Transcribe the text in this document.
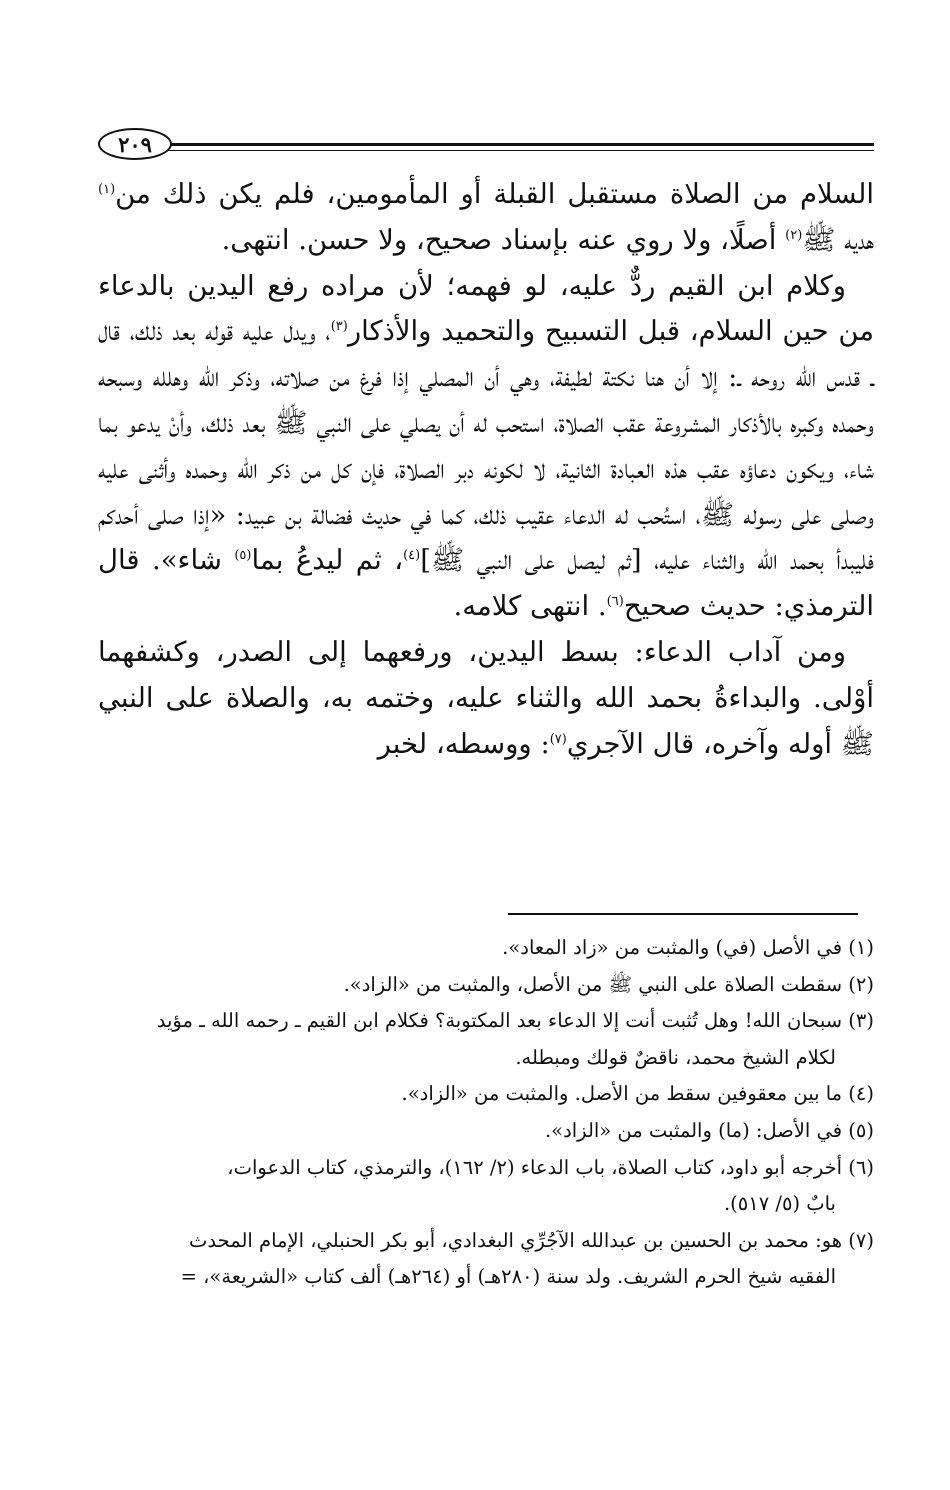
٢٠٩

السلام من الصلاة مستقبل القبلة أو المأمومين، فلم يكن ذلك من$^{(١)}$ هديه ﷺ$^{(٢)}$ أصلًا، ولا روي عنه بإسناد صحيح، ولا حسن. انتهى.

وكلام ابن القيم ردٌّ عليه، لو فهمه؛ لأن مراده رفع اليدين بالدعاء من حين السلام، قبل التسبيح والتحميد والأذكار$^{(٣)}$، ويدل عليه قوله بعد ذلك، قال ـ قدس الله روحه ـ: إلا أن هنا نكتة لطيفة، وهي أن المصلي إذا فرغ من صلاته، وذكر الله وهلله وسبحه وحمده وكبره بالأذكار المشروعة عقب الصلاة، استحب له أن يصلي على النبي ﷺ بعد ذلك، وأنْ يدعو بما شاء، ويكون دعاؤه عقب هذه العبادة الثانية، لا لكونه دبر الصلاة، فإن كل من ذكر الله وحمده وأثنى عليه وصلى على رسوله ﷺ، استُحب له الدعاء عقيب ذلك، كما في حديث فضالة بن عبيد: «إذا صلى أحدكم فليبدأ بحمد الله والثناء عليه، [ثم ليصل على النبي ﷺ]$^{(٤)}$، ثم ليدعُ بما$^{(٥)}$ شاء». قال الترمذي: حديث صحيح$^{(٦)}$. انتهى كلامه.

ومن آداب الدعاء: بسط اليدين، ورفعهما إلى الصدر، وكشفهما أوْلى. والبداءةُ بحمد الله والثناء عليه، وختمه به، والصلاة على النبي ﷺ أوله وآخره، قال الآجري$^{(٧)}$: ووسطه، لخبر

(١) في الأصل (في) والمثبت من «زاد المعاد».
(٢) سقطت الصلاة على النبي ﷺ من الأصل، والمثبت من «الزاد».
(٣) سبحان الله! وهل تُثبت أنت إلا الدعاء بعد المكتوبة؟ فكلام ابن القيم ـ رحمه الله ـ مؤيد
لكلام الشيخ محمد، ناقضٌ قولك ومبطله.
(٤) ما بين معقوفين سقط من الأصل. والمثبت من «الزاد».
(٥) في الأصل: (ما) والمثبت من «الزاد».
(٦) أخرجه أبو داود، كتاب الصلاة، باب الدعاء (٢/ ١٦٢)، والترمذي، كتاب الدعوات،
بابٌ (٥/ ٥١٧).
(٧) هو: محمد بن الحسين بن عبدالله الآجُرِّي البغدادي، أبو بكر الحنبلي، الإمام المحدث
الفقيه شيخ الحرم الشريف. ولد سنة (٢٨٠هـ) أو (٢٦٤هـ) ألف كتاب «الشريعة»، =
